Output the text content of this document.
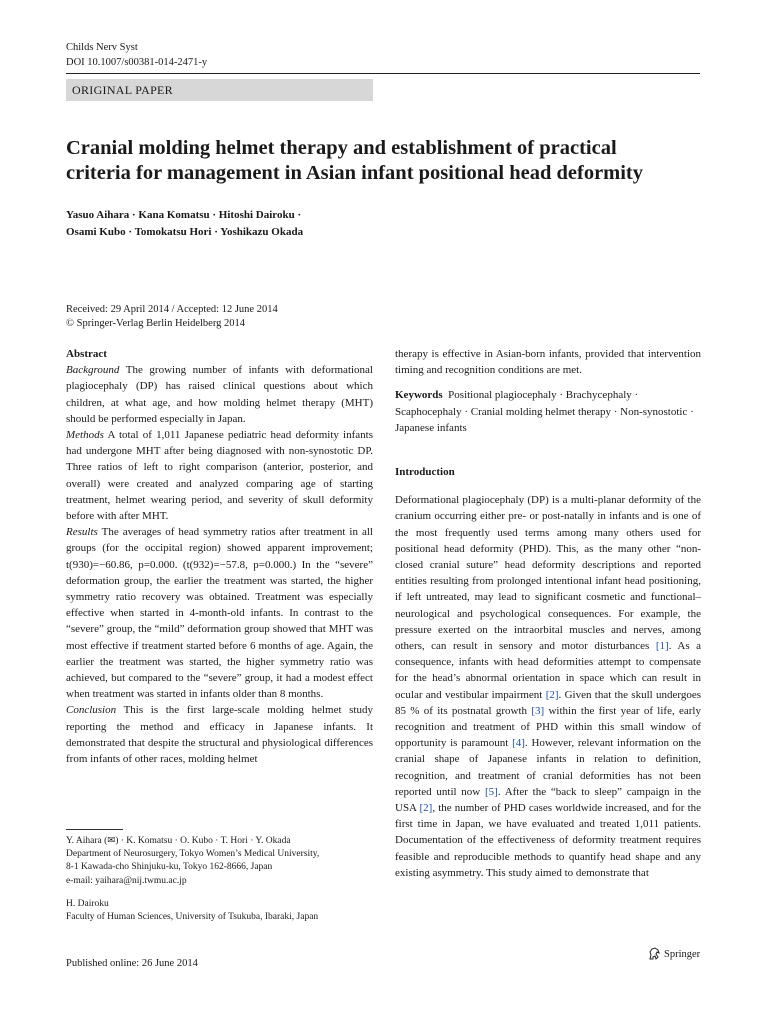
Childs Nerv Syst
DOI 10.1007/s00381-014-2471-y
ORIGINAL PAPER
Cranial molding helmet therapy and establishment of practical
criteria for management in Asian infant positional head deformity
Yasuo Aihara · Kana Komatsu · Hitoshi Dairoku ·
Osami Kubo · Tomokatsu Hori · Yoshikazu Okada
Received: 29 April 2014 / Accepted: 12 June 2014
© Springer-Verlag Berlin Heidelberg 2014

Abstract

Background The growing number of infants with deformational plagiocephaly (DP) has raised clinical questions about which children, at what age, and how molding helmet therapy (MHT) should be performed especially in Japan.

Methods A total of 1,011 Japanese pediatric head deformity infants had undergone MHT after being diagnosed with non-synostotic DP. Three ratios of left to right comparison (anterior, posterior, and overall) were created and analyzed comparing age of starting treatment, helmet wearing period, and severity of skull deformity before with after MHT.

Results The averages of head symmetry ratios after treatment in all groups (for the occipital region) showed apparent improvement; t(930)=−60.86, p=0.000. (t(932)=−57.8, p=0.000.) In the “severe” deformation group, the earlier the treatment was started, the higher symmetry ratio recovery was obtained. Treatment was especially effective when started in 4-month-old infants. In contrast to the “severe” group, the “mild” deformation group showed that MHT was most effective if treatment started before 6 months of age. Again, the earlier the treatment was started, the higher symmetry ratio was achieved, but compared to the “severe” group, it had a modest effect when treatment was started in infants older than 8 months.

Conclusion This is the first large-scale molding helmet study reporting the method and efficacy in Japanese infants. It demonstrated that despite the structural and physiological differences from infants of other races, molding helmet

therapy is effective in Asian-born infants, provided that intervention timing and recognition conditions are met.

Keywords Positional plagiocephaly · Brachycephaly · Scaphocephaly · Cranial molding helmet therapy · Non-synostotic · Japanese infants

Introduction

Deformational plagiocephaly (DP) is a multi-planar deformity of the cranium occurring either pre- or post-natally in infants and is one of the most frequently used terms among many others used for positional head deformity (PHD). This, as the many other “non-closed cranial suture” head deformity descriptions and reported entities resulting from prolonged intentional infant head positioning, if left untreated, may lead to significant cosmetic and functional–neurological and psychological consequences. For example, the pressure exerted on the intraorbital muscles and nerves, among others, can result in sensory and motor disturbances [1]. As a consequence, infants with head deformities attempt to compensate for the head’s abnormal orientation in space which can result in ocular and vestibular impairment [2]. Given that the skull undergoes 85 % of its postnatal growth [3] within the first year of life, early recognition and treatment of PHD within this small window of opportunity is paramount [4]. However, relevant information on the cranial shape of Japanese infants in relation to definition, recognition, and treatment of cranial deformities has not been reported until now [5]. After the “back to sleep” campaign in the USA [2], the number of PHD cases worldwide increased, and for the first time in Japan, we have evaluated and treated 1,011 patients. Documentation of the effectiveness of deformity treatment requires feasible and reproducible methods to quantify head shape and any existing asymmetry. This study aimed to demonstrate that

Y. Aihara (✉) · K. Komatsu · O. Kubo · T. Hori · Y. Okada

Department of Neurosurgery, Tokyo Women’s Medical University,

8-1 Kawada-cho Shinjuku-ku, Tokyo 162-8666, Japan

e-mail: yaihara@nij.twmu.ac.jp

H. Dairoku

Faculty of Human Sciences, University of Tsukuba, Ibaraki, Japan

Published online: 26 June 2014
Springer
